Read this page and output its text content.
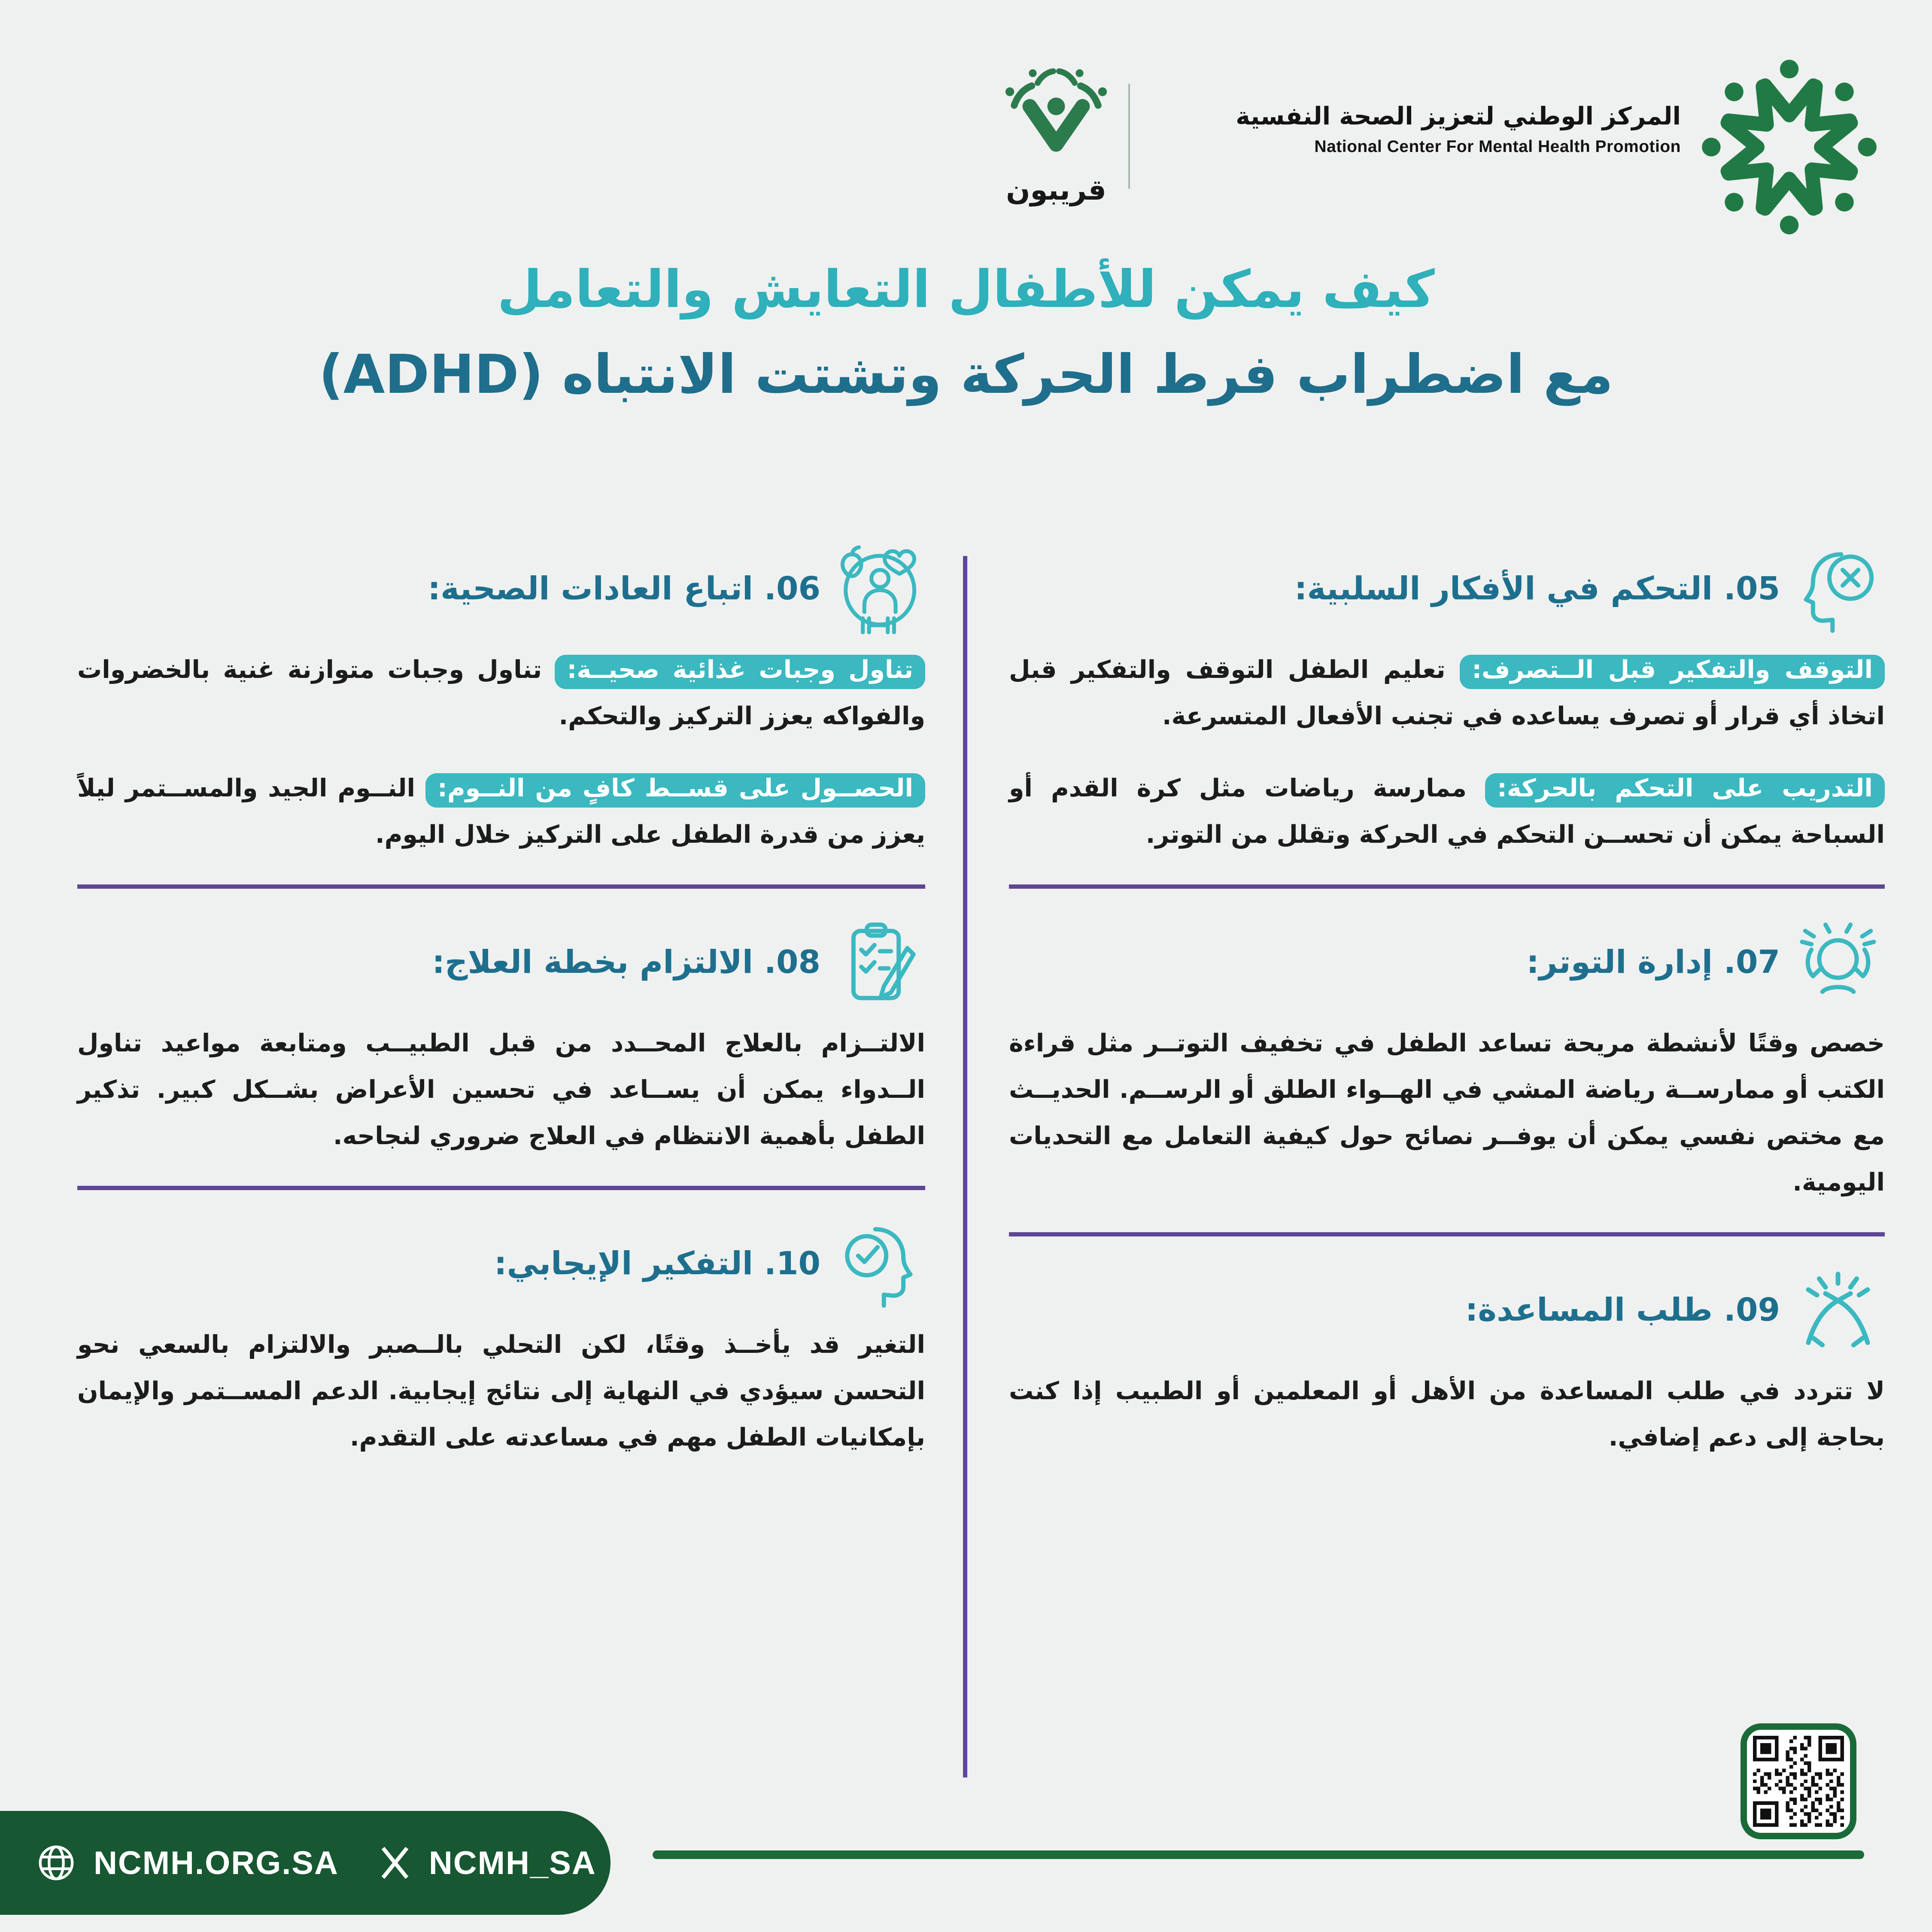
المركز الوطني لتعزيز الصحة النفسية
National Center For Mental Health Promotion
قريبون
كيف يمكن للأطفال التعايش والتعامل
مع اضطراب فرط الحركة وتشتت الانتباه (ADHD)
05. التحكم في الأفكار السلبية:

التوقف والتفكير قبل الــتصرف: تعليم الطفل التوقف والتفكير قبل اتخاذ أي قرار أو تصرف يساعده في تجنب الأفعال المتسرعة.

التدريب على التحكم بالحركة: ممارسة رياضات مثل كرة القدم أو السباحة يمكن أن تحســن التحكم في الحركة وتقلل من التوتر.

07. إدارة التوتر:

خصص وقتًا لأنشطة مريحة تساعد الطفل في تخفيف التوتــر مثل قراءة الكتب أو ممارســة رياضة المشي في الهــواء الطلق أو الرســم. الحديــث مع مختص نفسي يمكن أن يوفــر نصائح حول كيفية التعامل مع التحديات اليومية.

09. طلب المساعدة:

لا تتردد في طلب المساعدة من الأهل أو المعلمين أو الطبيب إذا كنت بحاجة إلى دعم إضافي.

06. اتباع العادات الصحية:

تناول وجبات غذائية صحيــة: تناول وجبات متوازنة غنية بالخضروات والفواكه يعزز التركيز والتحكم.

الحصــول على قســط كافٍ من النــوم: النــوم الجيد والمســتمر ليلاً يعزز من قدرة الطفل على التركيز خلال اليوم.

08. الالتزام بخطة العلاج:

الالتــزام بالعلاج المحــدد من قبل الطبيــب ومتابعة مواعيد تناول الــدواء يمكن أن يســاعد في تحسين الأعراض بشــكل كبير. تذكير الطفل بأهمية الانتظام في العلاج ضروري لنجاحه.

10. التفكير الإيجابي:

التغير قد يأخــذ وقتًا، لكن التحلي بالــصبر والالتزام بالسعي نحو التحسن سيؤدي في النهاية إلى نتائج إيجابية. الدعم المســتمر والإيمان بإمكانيات الطفل مهم في مساعدته على التقدم.

NCMH.ORG.SA	NCMH_SA
